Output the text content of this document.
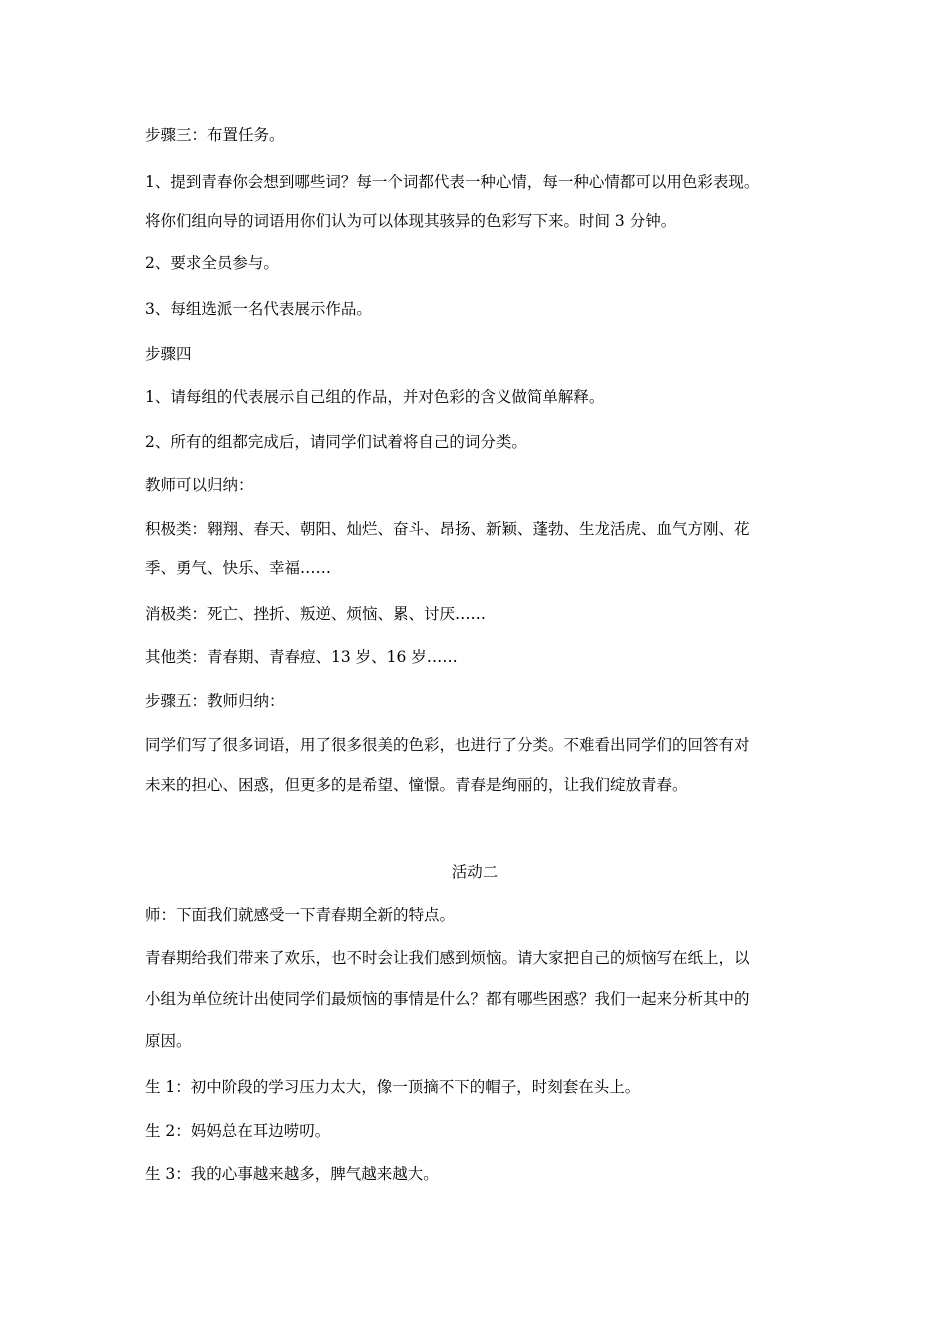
步骤三：布置任务。
1、提到青春你会想到哪些词？每一个词都代表一种心情，每一种心情都可以用色彩表现。
将你们组向导的词语用你们认为可以体现其骇异的色彩写下来。时间 3 分钟。
2、要求全员参与。
3、每组选派一名代表展示作品。
步骤四
1、请每组的代表展示自己组的作品，并对色彩的含义做简单解释。
2、所有的组都完成后，请同学们试着将自己的词分类。
教师可以归纳：
积极类：翱翔、春天、朝阳、灿烂、奋斗、昂扬、新颖、蓬勃、生龙活虎、血气方刚、花
季、勇气、快乐、幸福……
消极类：死亡、挫折、叛逆、烦恼、累、讨厌……
其他类：青春期、青春痘、13 岁、16 岁……
步骤五：教师归纳：
同学们写了很多词语，用了很多很美的色彩，也进行了分类。不难看出同学们的回答有对
未来的担心、困惑，但更多的是希望、憧憬。青春是绚丽的，让我们绽放青春。
活动二
师：下面我们就感受一下青春期全新的特点。
青春期给我们带来了欢乐，也不时会让我们感到烦恼。请大家把自己的烦恼写在纸上，以
小组为单位统计出使同学们最烦恼的事情是什么？都有哪些困惑？我们一起来分析其中的
原因。
生 1：初中阶段的学习压力太大，像一顶摘不下的帽子，时刻套在头上。
生 2：妈妈总在耳边唠叨。
生 3：我的心事越来越多，脾气越来越大。
